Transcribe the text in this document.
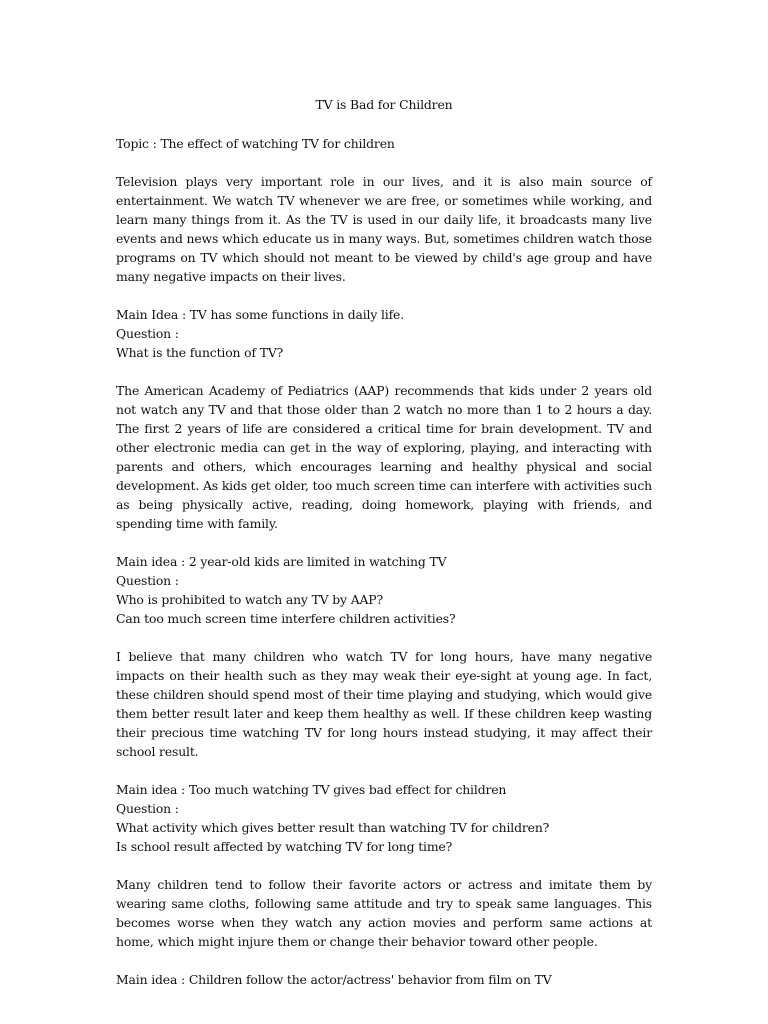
TV is Bad for Children

Topic : The effect of watching TV for children

Television plays very important role in our lives, and it is also main source of entertainment. We watch TV whenever we are free, or sometimes while working, and learn many things from it. As the TV is used in our daily life, it broadcasts many live events and news which educate us in many ways. But, sometimes children watch those programs on TV which should not meant to be viewed by child's age group and have many negative impacts on their lives.

Main Idea : TV has some functions in daily life.

Question :

What is the function of TV?

The American Academy of Pediatrics (AAP) recommends that kids under 2 years old not watch any TV and that those older than 2 watch no more than 1 to 2 hours a day. The first 2 years of life are considered a critical time for brain development. TV and other electronic media can get in the way of exploring, playing, and interacting with parents and others, which encourages learning and healthy physical and social development. As kids get older, too much screen time can interfere with activities such as being physically active, reading, doing homework, playing with friends, and spending time with family.

Main idea : 2 year-old kids are limited in watching TV

Question :

Who is prohibited to watch any TV by AAP?

Can too much screen time interfere children activities?

I believe that many children who watch TV for long hours, have many negative impacts on their health such as they may weak their eye-sight at young age. In fact, these children should spend most of their time playing and studying, which would give them better result later and keep them healthy as well. If these children keep wasting their precious time watching TV for long hours instead studying, it may affect their school result.

Main idea : Too much watching TV gives bad effect for children

Question :

What activity which gives better result than watching TV for children?

Is school result affected by watching TV for long time?

Many children tend to follow their favorite actors or actress and imitate them by wearing same cloths, following same attitude and try to speak same languages. This becomes worse when they watch any action movies and perform same actions at home, which might injure them or change their behavior toward other people.

Main idea : Children follow the actor/actress' behavior from film on TV
